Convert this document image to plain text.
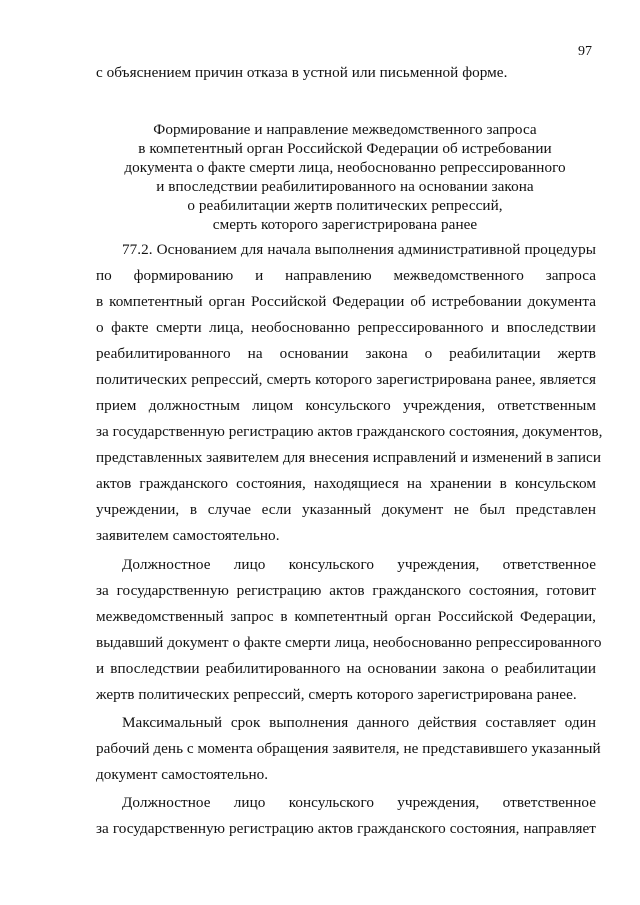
97
с объяснением причин отказа в устной или письменной форме.
Формирование и направление межведомственного запроса
в компетентный орган Российской Федерации об истребовании
документа о факте смерти лица, необоснованно репрессированного
и впоследствии реабилитированного на основании закона
о реабилитации жертв политических репрессий,
смерть которого зарегистрирована ранее
77.2. Основанием для начала выполнения административной процедуры
по формированию и направлению межведомственного запроса
в компетентный орган Российской Федерации об истребовании документа
о факте смерти лица, необоснованно репрессированного и впоследствии
реабилитированного на основании закона о реабилитации жертв
политических репрессий, смерть которого зарегистрирована ранее, является
прием должностным лицом консульского учреждения, ответственным
за государственную регистрацию актов гражданского состояния, документов,
представленных заявителем для внесения исправлений и изменений в записи
актов гражданского состояния, находящиеся на хранении в консульском
учреждении, в случае если указанный документ не был представлен
заявителем самостоятельно.
Должностное лицо консульского учреждения, ответственное
за государственную регистрацию актов гражданского состояния, готовит
межведомственный запрос в компетентный орган Российской Федерации,
выдавший документ о факте смерти лица, необоснованно репрессированного
и впоследствии реабилитированного на основании закона о реабилитации
жертв политических репрессий, смерть которого зарегистрирована ранее.
Максимальный срок выполнения данного действия составляет один
рабочий день с момента обращения заявителя, не представившего указанный
документ самостоятельно.
Должностное лицо консульского учреждения, ответственное
за государственную регистрацию актов гражданского состояния, направляет
